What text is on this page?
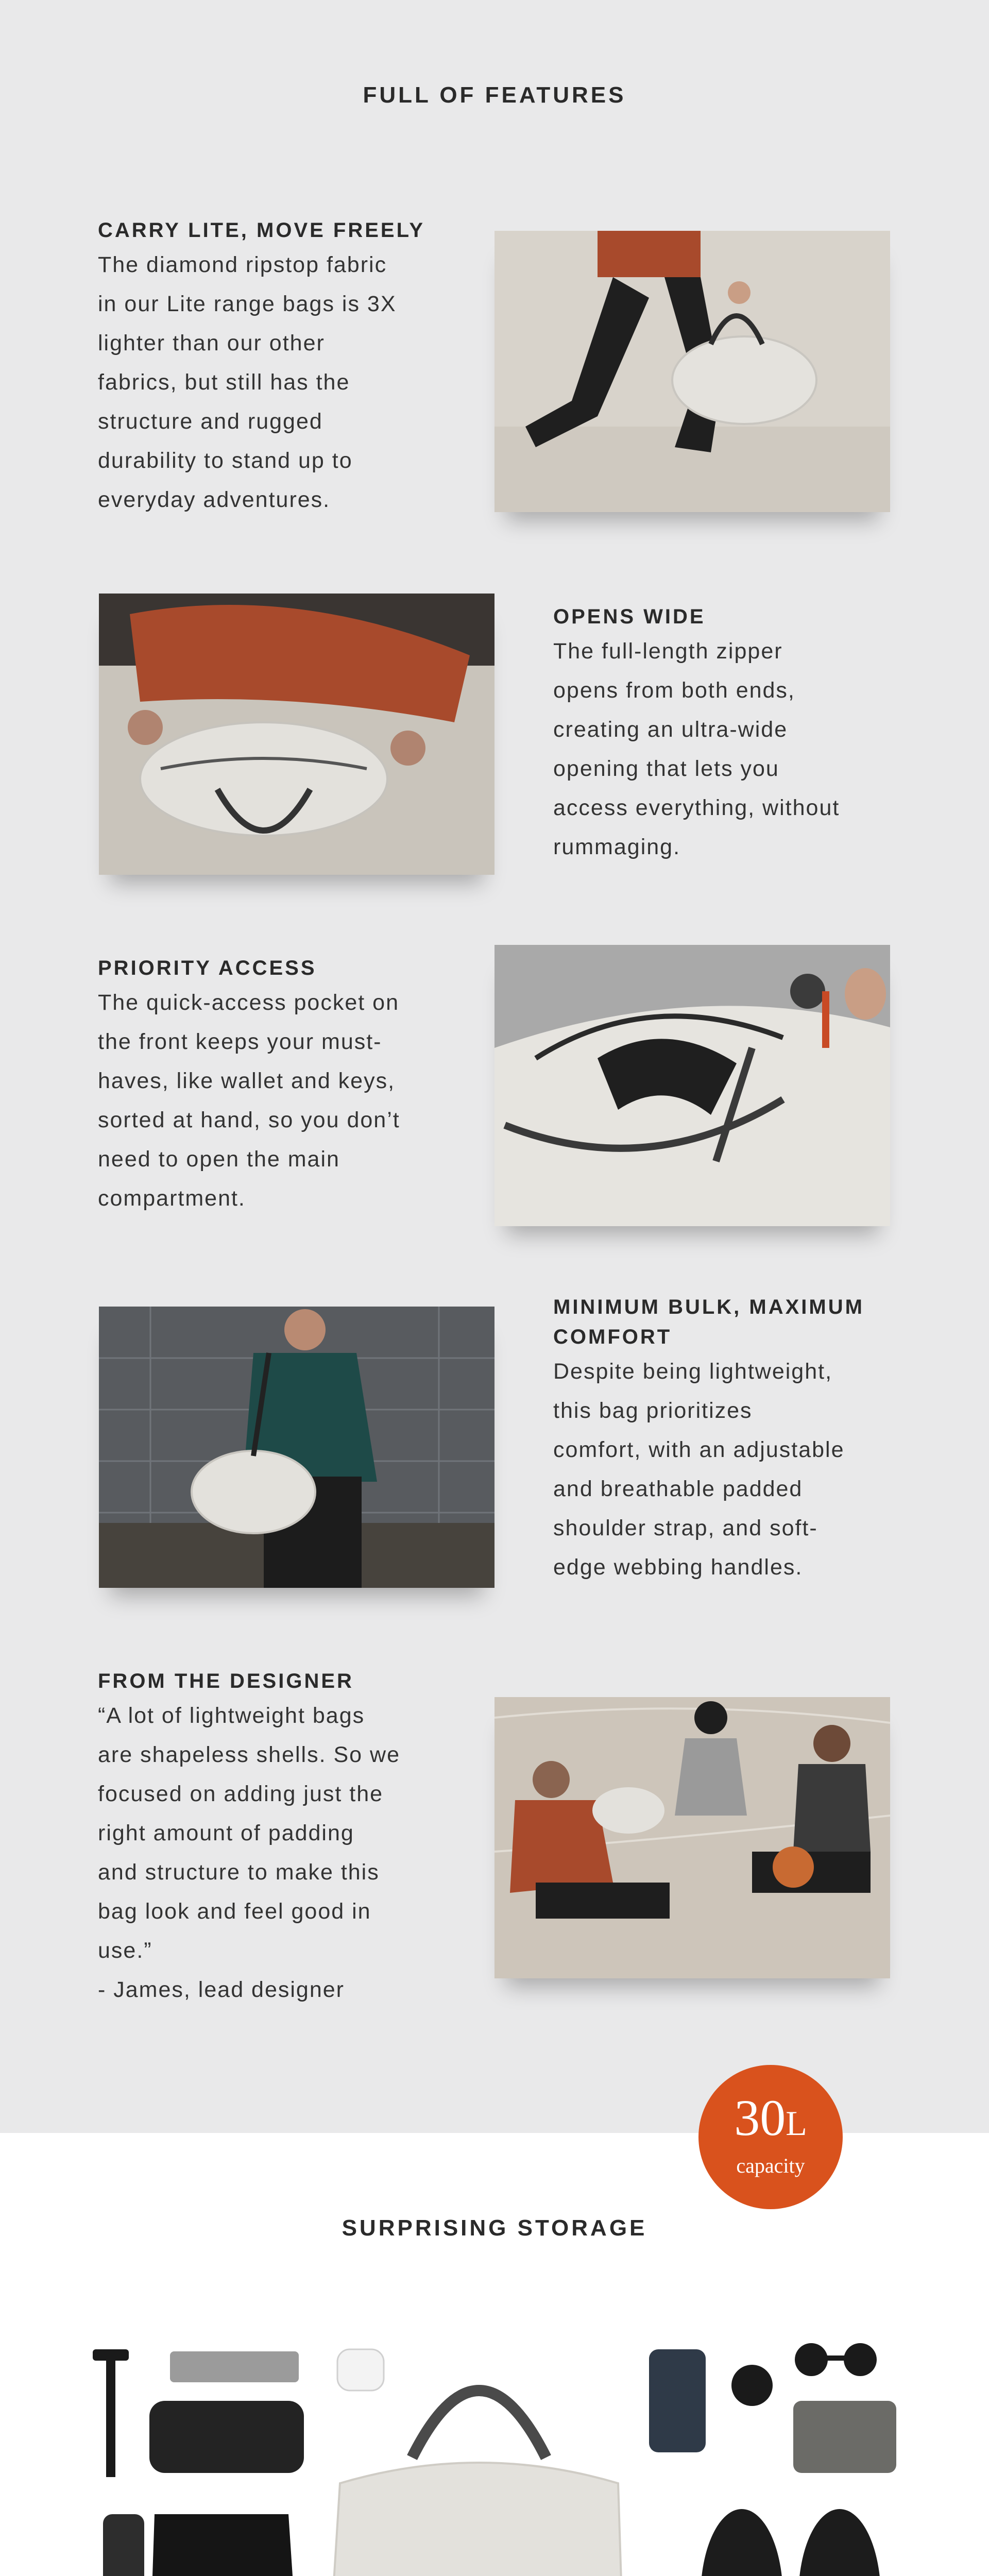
FULL OF FEATURES
CARRY LITE, MOVE FREELY
The diamond ripstop fabric
in our Lite range bags is 3X
lighter than our other
fabrics, but still has the
structure and rugged
durability to stand up to
everyday adventures.
OPENS WIDE
The full-length zipper
opens from both ends,
creating an ultra-wide
opening that lets you
access everything, without
rummaging.
PRIORITY ACCESS
The quick-access pocket on
the front keeps your must-
haves, like wallet and keys,
sorted at hand, so you don’t
need to open the main
compartment.
MINIMUM BULK, MAXIMUM
COMFORT
Despite being lightweight,
this bag prioritizes
comfort, with an adjustable
and breathable padded
shoulder strap, and soft-
edge webbing handles.
FROM THE DESIGNER
“A lot of lightweight bags
are shapeless shells. So we
focused on adding just the
right amount of padding
and structure to make this
bag look and feel good in
use.”
- James, lead designer
30L
capacity
SURPRISING STORAGE
